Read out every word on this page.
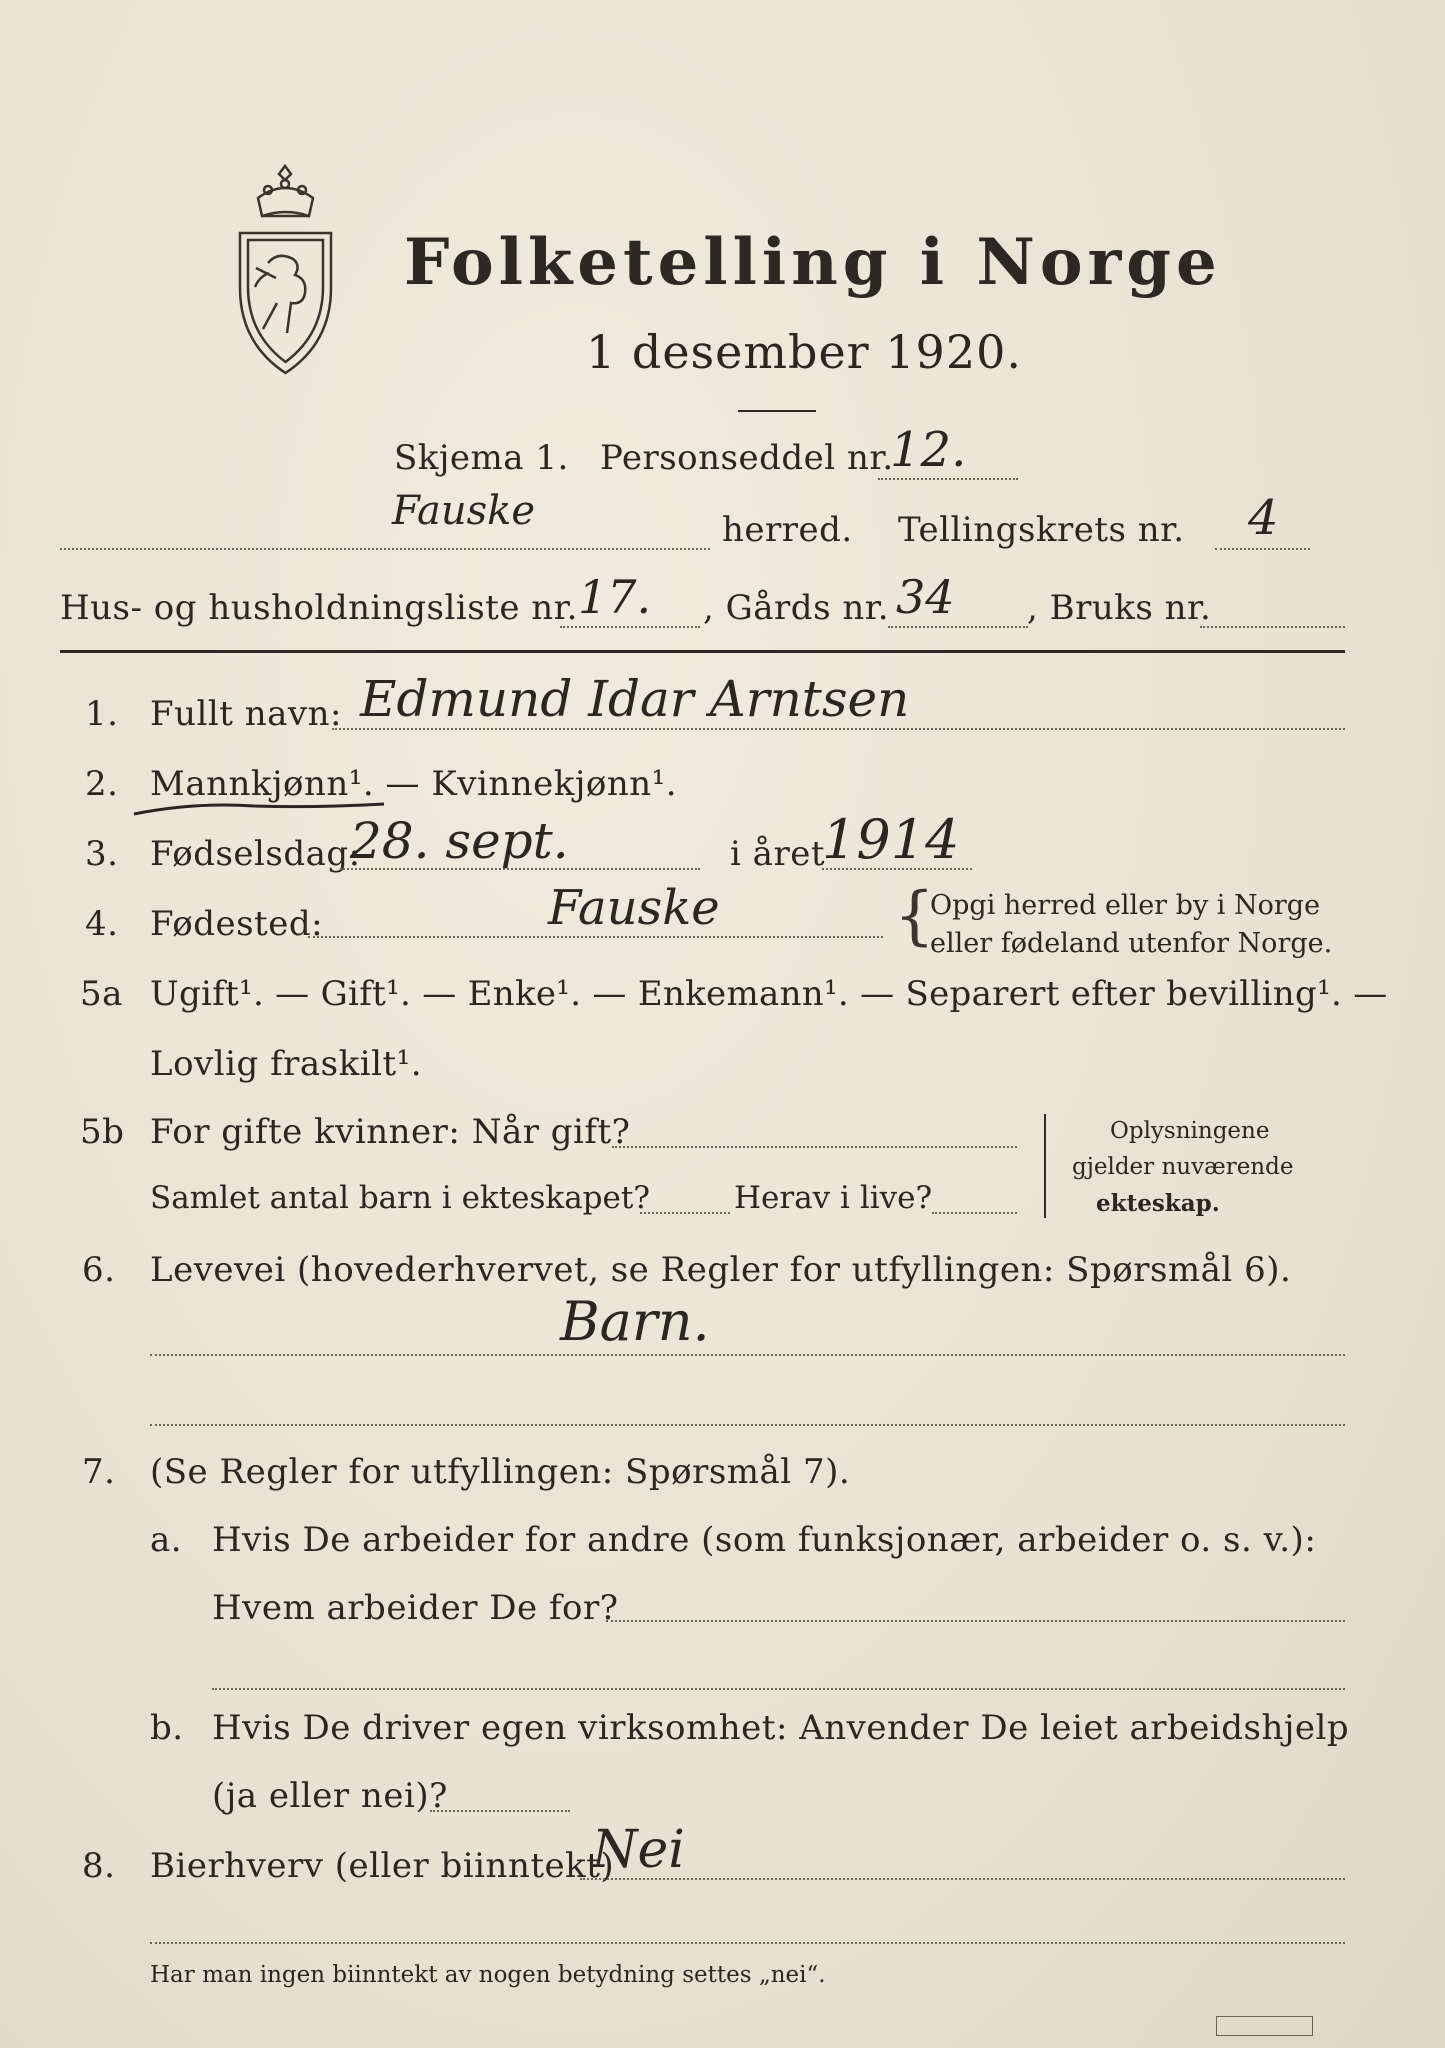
Folketelling i Norge
1 desember 1920.
Skjema 1. Personseddel nr.
12.
Fauske	herred. Tellingskrets nr. 4
Hus- og husholdningsliste nr. 17. , Gårds nr. 34 , Bruks nr.
1. Fullt navn: Edmund Idar Arntsen
2. Mannkjønn¹. — Kvinnekjønn¹.
3. Fødselsdag:
28. sept.	i året
1914
4. Fødested:	Fauske	{
Opgi herred eller by i Norge
eller fødeland utenfor Norge.
5a Ugift¹. — Gift¹. — Enke¹. — Enkemann¹. — Separert efter bevilling¹. —
Lovlig fraskilt¹.
5b For gifte kvinner: Når gift?
Samlet antal barn i ekteskapet?	Herav i live?
Oplysningene
gjelder nuværende
ekteskap.
6. Levevei (hovederhvervet, se Regler for utfyllingen: Spørsmål 6).
Barn.
7. (Se Regler for utfyllingen: Spørsmål 7).
a. Hvis De arbeider for andre (som funksjonær, arbeider o. s. v.):
Hvem arbeider De for?
b. Hvis De driver egen virksomhet: Anvender De leiet arbeidshjelp
(ja eller nei)?
8. Bierhverv (eller biinntekt)
Nei
Har man ingen biinntekt av nogen betydning settes „nei“.
